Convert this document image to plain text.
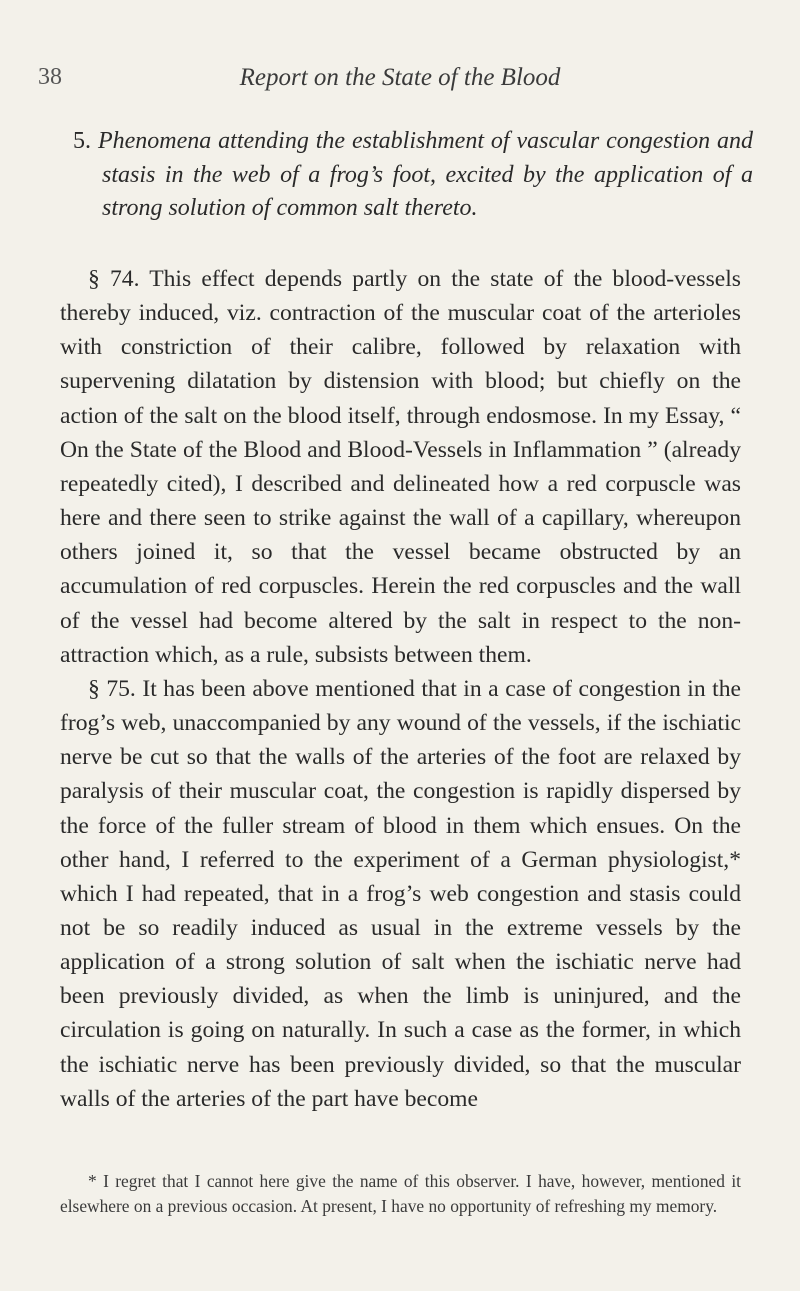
38	Report on the State of the Blood
5. Phenomena attending the establishment of vascular congestion and stasis in the web of a frog’s foot, excited by the application of a strong solution of common salt thereto.

§ 74. This effect depends partly on the state of the blood-vessels thereby induced, viz. contraction of the muscular coat of the arterioles with constriction of their calibre, followed by relaxation with supervening dilatation by distension with blood; but chiefly on the action of the salt on the blood itself, through endosmose. In my Essay, “ On the State of the Blood and Blood-Vessels in Inflammation ” (already repeatedly cited), I described and delineated how a red corpuscle was here and there seen to strike against the wall of a capillary, whereupon others joined it, so that the vessel became obstructed by an accumulation of red corpuscles. Herein the red corpuscles and the wall of the vessel had become altered by the salt in respect to the non-attraction which, as a rule, subsists between them.

§ 75. It has been above mentioned that in a case of congestion in the frog’s web, unaccompanied by any wound of the vessels, if the ischiatic nerve be cut so that the walls of the arteries of the foot are relaxed by paralysis of their muscular coat, the congestion is rapidly dispersed by the force of the fuller stream of blood in them which ensues. On the other hand, I referred to the experiment of a German physiologist,* which I had repeated, that in a frog’s web congestion and stasis could not be so readily induced as usual in the extreme vessels by the application of a strong solution of salt when the ischiatic nerve had been previously divided, as when the limb is uninjured, and the circulation is going on naturally. In such a case as the former, in which the ischiatic nerve has been previously divided, so that the muscular walls of the arteries of the part have become

* I regret that I cannot here give the name of this observer. I have, however, mentioned it elsewhere on a previous occasion. At present, I have no opportunity of refreshing my memory.
